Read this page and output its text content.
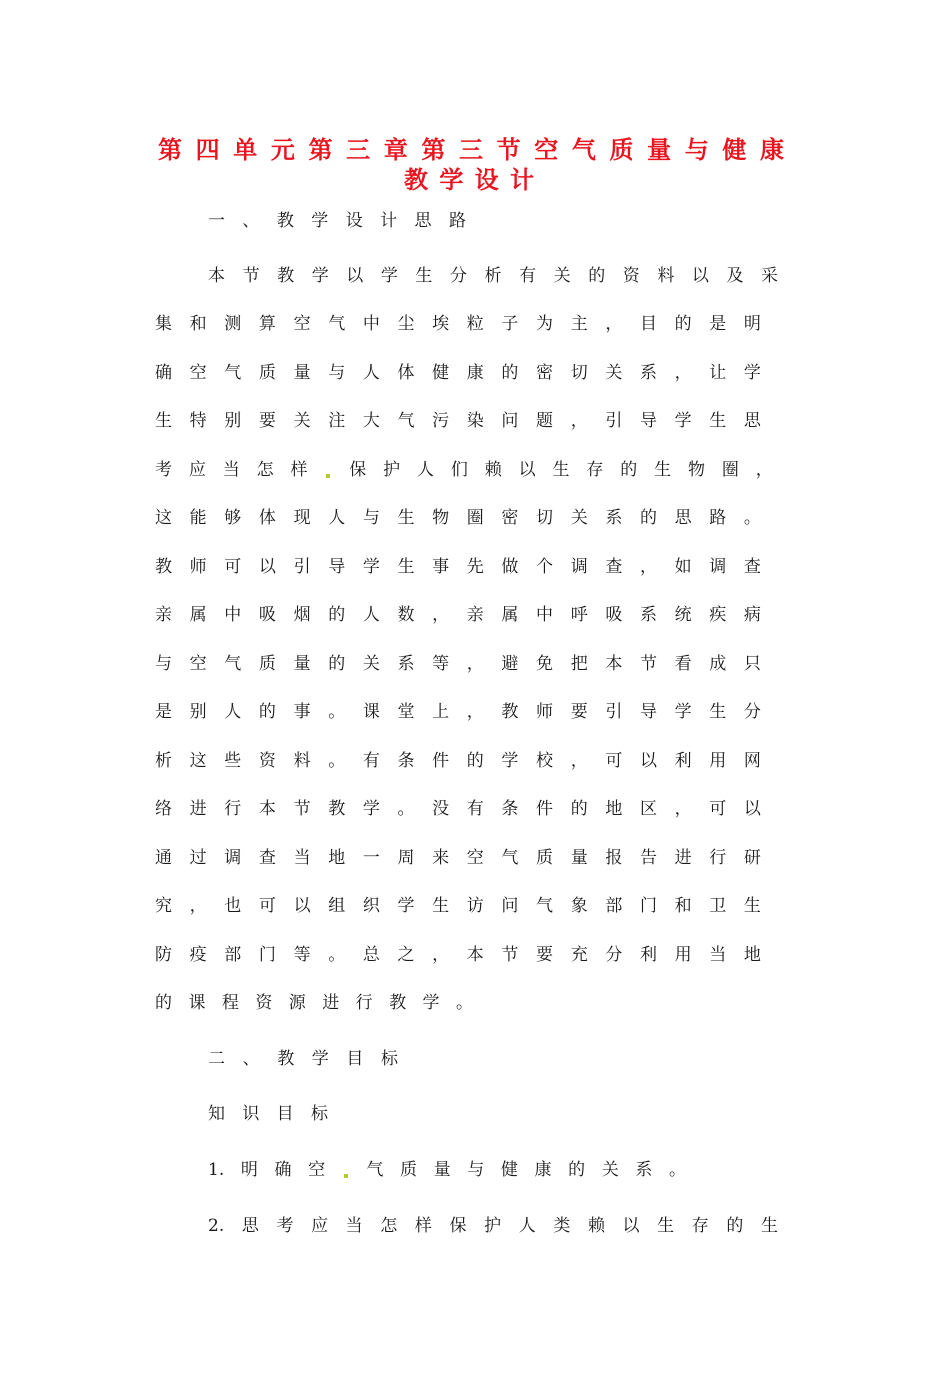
第 四 单 元 第 三 章 第 三 节 空 气 质 量 与 健 康
教 学 设 计
一 、 教 学 设 计 思 路
本 节 教 学 以 学 生 分 析 有 关 的 资 料 以 及 采
集 和 测 算 空 气 中 尘 埃 粒 子 为 主 ， 目 的 是 明
确 空 气 质 量 与 人 体 健 康 的 密 切 关 系 ， 让 学
生 特 别 要 关 注 大 气 污 染 问 题 ， 引 导 学 生 思
考 应 当 怎 样 保 护 人 们 赖 以 生 存 的 生 物 圈 ，
这 能 够 体 现 人 与 生 物 圈 密 切 关 系 的 思 路 。
教 师 可 以 引 导 学 生 事 先 做 个 调 查 ， 如 调 查
亲 属 中 吸 烟 的 人 数 ， 亲 属 中 呼 吸 系 统 疾 病
与 空 气 质 量 的 关 系 等 ， 避 免 把 本 节 看 成 只
是 别 人 的 事 。 课 堂 上 ， 教 师 要 引 导 学 生 分
析 这 些 资 料 。 有 条 件 的 学 校 ， 可 以 利 用 网
络 进 行 本 节 教 学 。 没 有 条 件 的 地 区 ， 可 以
通 过 调 查 当 地 一 周 来 空 气 质 量 报 告 进 行 研
究 ， 也 可 以 组 织 学 生 访 问 气 象 部 门 和 卫 生
防 疫 部 门 等 。 总 之 ， 本 节 要 充 分 利 用 当 地
的 课 程 资 源 进 行 教 学 。
二 、 教 学 目 标
知 识 目 标
1. 明 确 空 气 质 量 与 健 康 的 关 系 。
2. 思 考 应 当 怎 样 保 护 人 类 赖 以 生 存 的 生
